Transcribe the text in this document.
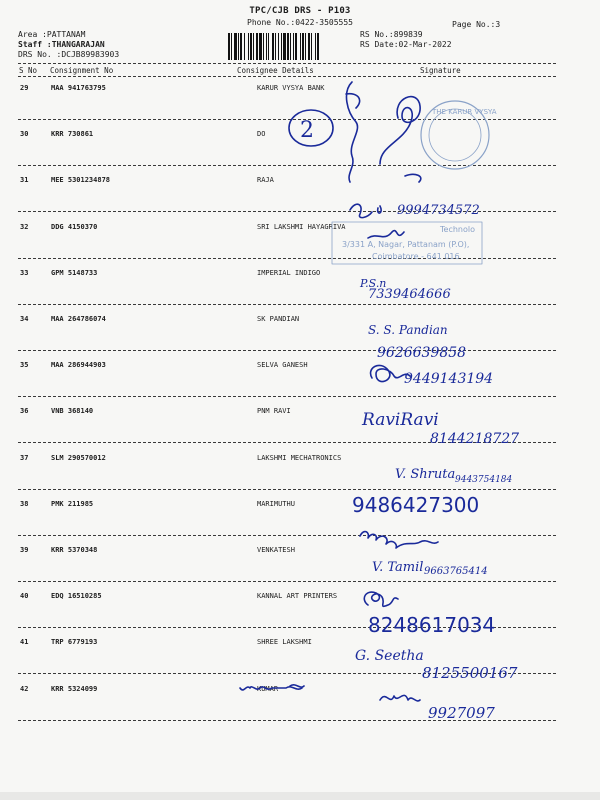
TPC/CJB DRS - P103
Phone No.:0422-3505555
Area :PATTANAM
Staff :THANGARAJAN
DRS No. :DCJB89983903
RS No.:899839
Page No.:3
RS Date:02-Mar-2022
S No Consignment No	Consignee Details	Signature
29	MAA 941763795	KARUR VYSYA BANK
30	KRR 730861	DO
31	MEE 5301234878	RAJA
32	DDG 4150370	SRI LAKSHMI HAYAGRIVA
33	GPM 5148733	IMPERIAL INDIGO
34	MAA 264786074	SK PANDIAN
35	MAA 286944903	SELVA GANESH
36	VNB 368140	PNM RAVI
37	SLM 290570012	LAKSHMI MECHATRONICS
38	PMK 211985	MARIMUTHU
39	KRR 5370348	VENKATESH
40	EDQ 16510285	KANNAL ART PRINTERS
41	TRP 6779193	SHREE LAKSHMI
42	KRR 5324099	KUMAR
THE KARUR VYSYA
2
Technolo
3/331 A, Nagar, Pattanam (P.O),
Coimbatore - 641 016
9994734572
P.S.n
7339464666
S. S. Pandian
9626639858
9449143194
RaviRavi
8144218727
V. Shruta 9443754184
9486427300
V. Tamil 9663765414
8248617034
G. Seetha
8125500167
9927097
